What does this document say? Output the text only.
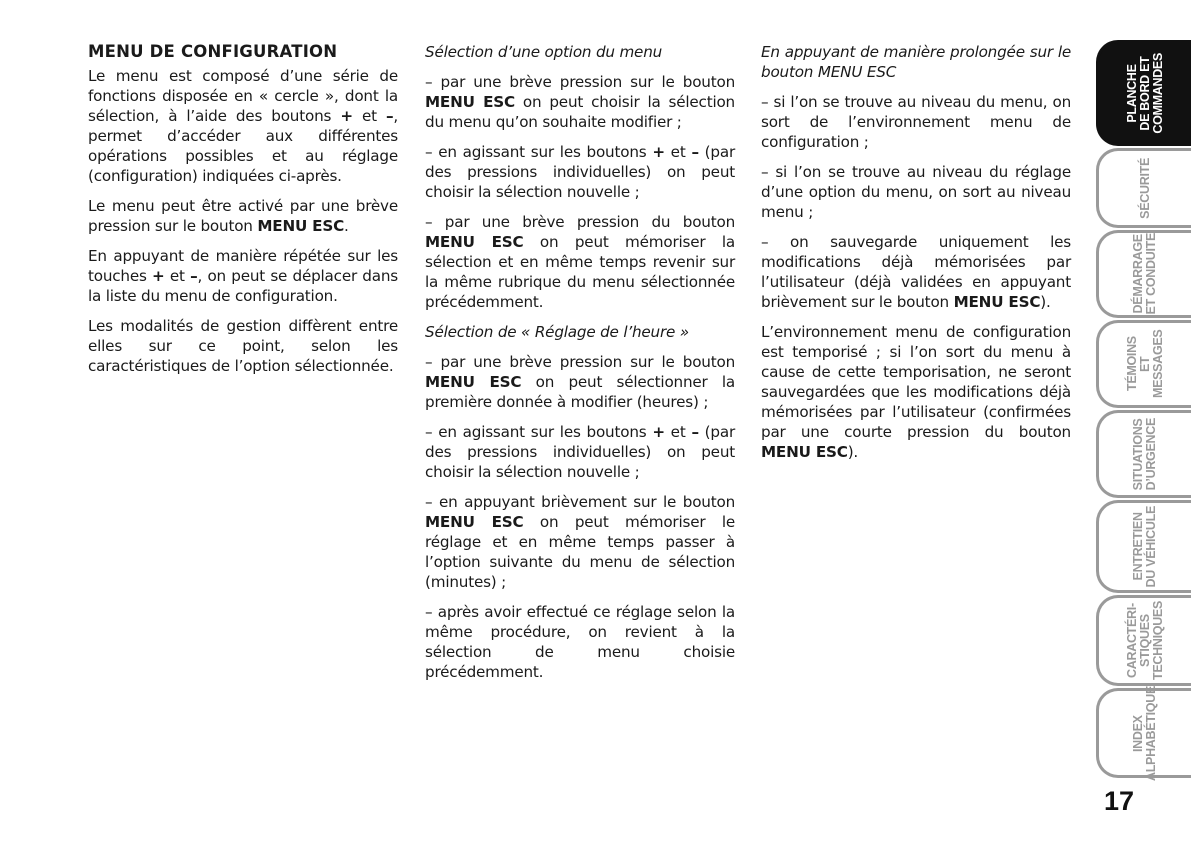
MENU DE CONFIGURATION

Le menu est composé d’une série de fonctions disposée en « cercle », dont la sélection, à l’aide des boutons + et –, permet d’accéder aux différentes opérations possibles et au réglage (configuration) indiquées ci-après.

Le menu peut être activé par une brève pression sur le bouton MENU ESC.

En appuyant de manière répétée sur les touches + et –, on peut se déplacer dans la liste du menu de configuration.

Les modalités de gestion diffèrent entre elles sur ce point, selon les caractéristiques de l’option sélectionnée.

Sélection d’une option du menu

– par une brève pression sur le bouton MENU ESC on peut choisir la sélection du menu qu’on souhaite modifier ;

– en agissant sur les boutons + et – (par des pressions individuelles) on peut choisir la sélection nouvelle ;

– par une brève pression du bouton MENU ESC on peut mémoriser la sélection et en même temps revenir sur la même rubrique du menu sélectionnée précédemment.

Sélection de « Réglage de l’heure »

– par une brève pression sur le bouton MENU ESC on peut sélectionner la première donnée à modifier (heures) ;

– en agissant sur les boutons + et – (par des pressions individuelles) on peut choisir la sélection nouvelle ;

– en appuyant brièvement sur le bouton MENU ESC on peut mémoriser le réglage et en même temps passer à l’option suivante du menu de sélection (minutes) ;

– après avoir effectué ce réglage selon la même procédure, on revient à la sélection de menu choisie précédemment.

En appuyant de manière prolongée sur le bouton MENU ESC

– si l’on se trouve au niveau du menu, on sort de l’environnement menu de configuration ;

– si l’on se trouve au niveau du réglage d’une option du menu, on sort au niveau menu ;

– on sauvegarde uniquement les modifications déjà mémorisées par l’utilisateur (déjà validées en appuyant brièvement sur le bouton MENU ESC).

L’environnement menu de configuration est temporisé ; si l’on sort du menu à cause de cette temporisation, ne seront sauvegardées que les modifications déjà mémorisées par l’utilisateur (confirmées par une courte pression du bouton MENU ESC).

PLANCHE
DE BORD ET
COMMANDES
SÉCURITÉ
DÉMARRAGE
ET CONDUITE
TÉMOINS
ET MESSAGES
SITUATIONS
D’URGENCE
ENTRETIEN
DU VÉHICULE
CARACTÉRI-
STIQUES
TECHNIQUES
INDEX
ALPHABÉTIQUE
17
